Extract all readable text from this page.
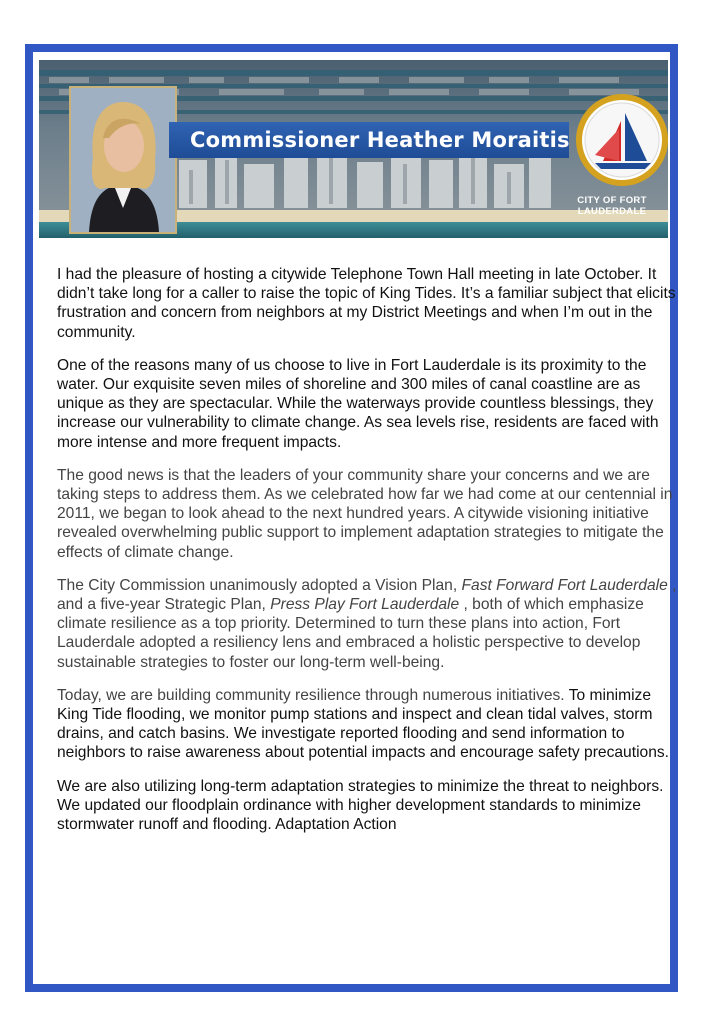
Commissioner Heather Moraitis
CITY OF FORT LAUDERDALE

I had the pleasure of hosting a citywide Telephone Town Hall meeting in late October. It didn’t take long for a caller to raise the topic of King Tides. It’s a familiar subject that elicits frustration and concern from neighbors at my District Meetings and when I’m out in the community.

One of the reasons many of us choose to live in Fort Lauderdale is its proximity to the water. Our exquisite seven miles of shoreline and 300 miles of canal coastline are as unique as they are spectacular. While the waterways provide countless blessings, they increase our vulnerability to climate change. As sea levels rise, residents are faced with more intense and more frequent impacts.

The good news is that the leaders of your community share your concerns and we are taking steps to address them. As we celebrated how far we had come at our centennial in 2011, we began to look ahead to the next hundred years. A citywide visioning initiative revealed overwhelming public support to implement adaptation strategies to mitigate the effects of climate change.

The City Commission unanimously adopted a Vision Plan, Fast Forward Fort Lauderdale , and a five-year Strategic Plan, Press Play Fort Lauderdale , both of which emphasize climate resilience as a top priority. Determined to turn these plans into action, Fort Lauderdale adopted a resiliency lens and embraced a holistic perspective to develop sustainable strategies to foster our long-term well-being.

Today, we are building community resilience through numerous initiatives. To minimize King Tide flooding, we monitor pump stations and inspect and clean tidal valves, storm drains, and catch basins. We investigate reported flooding and send information to neighbors to raise awareness about potential impacts and encourage safety precautions.

We are also utilizing long-term adaptation strategies to minimize the threat to neighbors. We updated our floodplain ordinance with higher development standards to minimize stormwater runoff and flooding. Adaptation Action
